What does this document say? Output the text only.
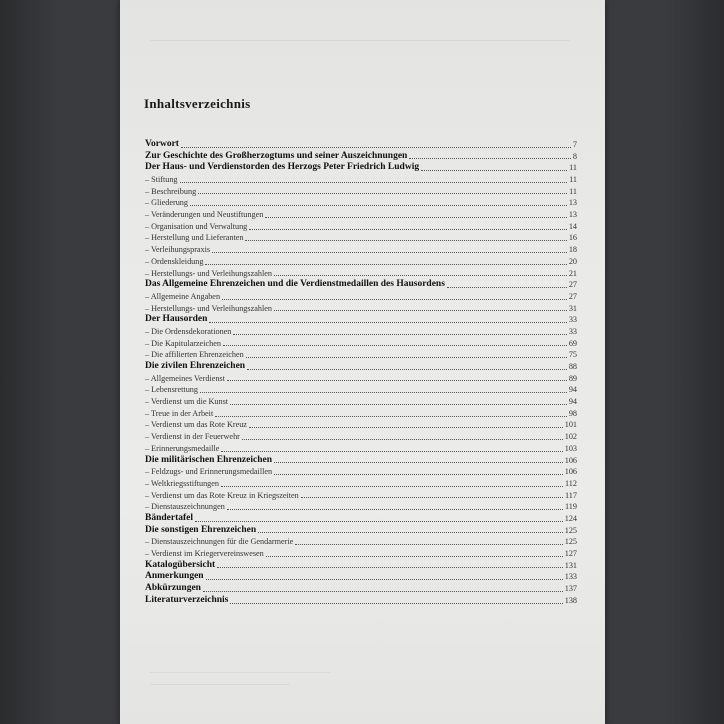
Inhaltsverzeichnis
Vorwort	7
Zur Geschichte des Großherzogtums und seiner Auszeichnungen	8
Der Haus- und Verdienstorden des Herzogs Peter Friedrich Ludwig	11
– Stiftung	11
– Beschreibung	11
– Gliederung	13
– Veränderungen und Neustiftungen	13
– Organisation und Verwaltung	14
– Herstellung und Lieferanten	16
– Verleihungspraxis	18
– Ordenskleidung	20
– Herstellungs- und Verleihungszahlen	21
Das Allgemeine Ehrenzeichen und die Verdienstmedaillen des Hausordens	27
– Allgemeine Angaben	27
– Herstellungs- und Verleihungszahlen	31
Der Hausorden	33
– Die Ordensdekorationen	33
– Die Kapitularzeichen	69
– Die affilierten Ehrenzeichen	75
Die zivilen Ehrenzeichen	88
– Allgemeines Verdienst	89
– Lebensrettung	94
– Verdienst um die Kunst	94
– Treue in der Arbeit	98
– Verdienst um das Rote Kreuz	101
– Verdienst in der Feuerwehr	102
– Erinnerungsmedaille	103
Die militärischen Ehrenzeichen	106
– Feldzugs- und Erinnerungsmedaillen	106
– Weltkriegsstiftungen	112
– Verdienst um das Rote Kreuz in Kriegszeiten	117
– Dienstauszeichnungen	119
Bändertafel	124
Die sonstigen Ehrenzeichen	125
– Dienstauszeichnungen für die Gendarmerie	125
– Verdienst im Kriegervereinswesen	127
Katalogübersicht	131
Anmerkungen	133
Abkürzungen	137
Literaturverzeichnis	138
